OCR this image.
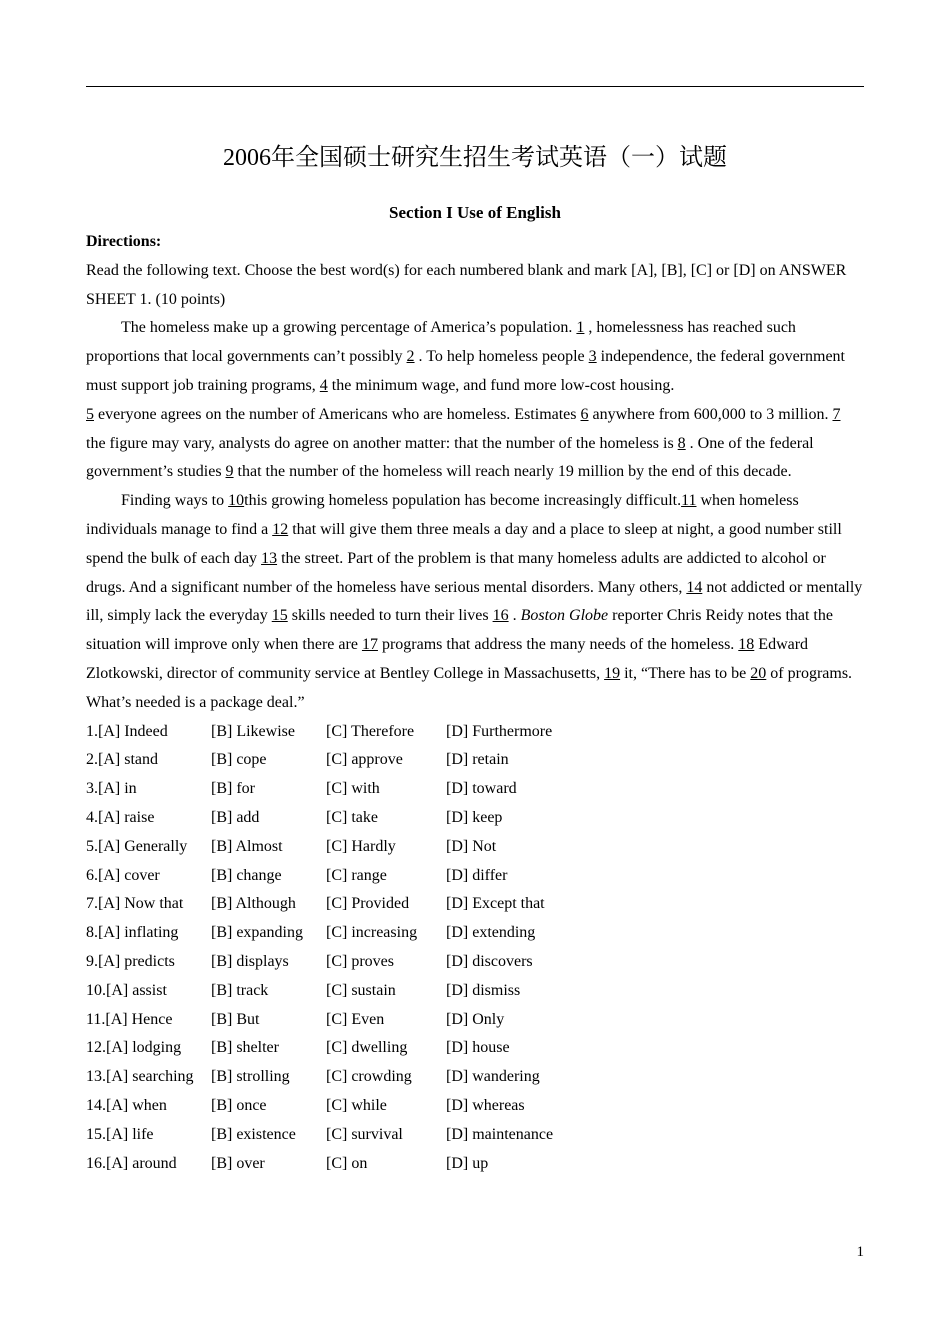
2006年全国硕士研究生招生考试英语（一）试题
Section I Use of English

Directions:

Read the following text. Choose the best word(s) for each numbered blank and mark [A], [B], [C] or [D] on ANSWER SHEET 1. (10 points)

The homeless make up a growing percentage of America’s population. 1 , homelessness has reached such proportions that local governments can’t possibly 2 . To help homeless people 3 independence, the federal government must support job training programs, 4 the minimum wage, and fund more low-cost housing.

5 everyone agrees on the number of Americans who are homeless. Estimates 6 anywhere from 600,000 to 3 million. 7 the figure may vary, analysts do agree on another matter: that the number of the homeless is 8 . One of the federal government’s studies 9 that the number of the homeless will reach nearly 19 million by the end of this decade.

Finding ways to 10this growing homeless population has become increasingly difficult.11 when homeless individuals manage to find a 12 that will give them three meals a day and a place to sleep at night, a good number still spend the bulk of each day 13 the street. Part of the problem is that many homeless adults are addicted to alcohol or drugs. And a significant number of the homeless have serious mental disorders. Many others, 14 not addicted or mentally ill, simply lack the everyday 15 skills needed to turn their lives 16 . Boston Globe reporter Chris Reidy notes that the situation will improve only when there are 17 programs that address the many needs of the homeless. 18 Edward Zlotkowski, director of community service at Bentley College in Massachusetts, 19 it, “There has to be 20 of programs. What’s needed is a package deal.”

1.[A] Indeed	[B] Likewise	[C] Therefore	[D] Furthermore
2.[A] stand	[B] cope	[C] approve	[D] retain
3.[A] in	[B] for	[C] with	[D] toward
4.[A] raise	[B] add	[C] take	[D] keep
5.[A] Generally	[B] Almost	[C] Hardly	[D] Not
6.[A] cover	[B] change	[C] range	[D] differ
7.[A] Now that	[B] Although	[C] Provided	[D] Except that
8.[A] inflating	[B] expanding	[C] increasing	[D] extending
9.[A] predicts	[B] displays	[C] proves	[D] discovers
10.[A] assist	[B] track	[C] sustain	[D] dismiss
11.[A] Hence	[B] But	[C] Even	[D] Only
12.[A] lodging	[B] shelter	[C] dwelling	[D] house
13.[A] searching	[B] strolling	[C] crowding	[D] wandering
14.[A] when	[B] once	[C] while	[D] whereas
15.[A] life	[B] existence	[C] survival	[D] maintenance
16.[A] around	[B] over	[C] on	[D] up
1
